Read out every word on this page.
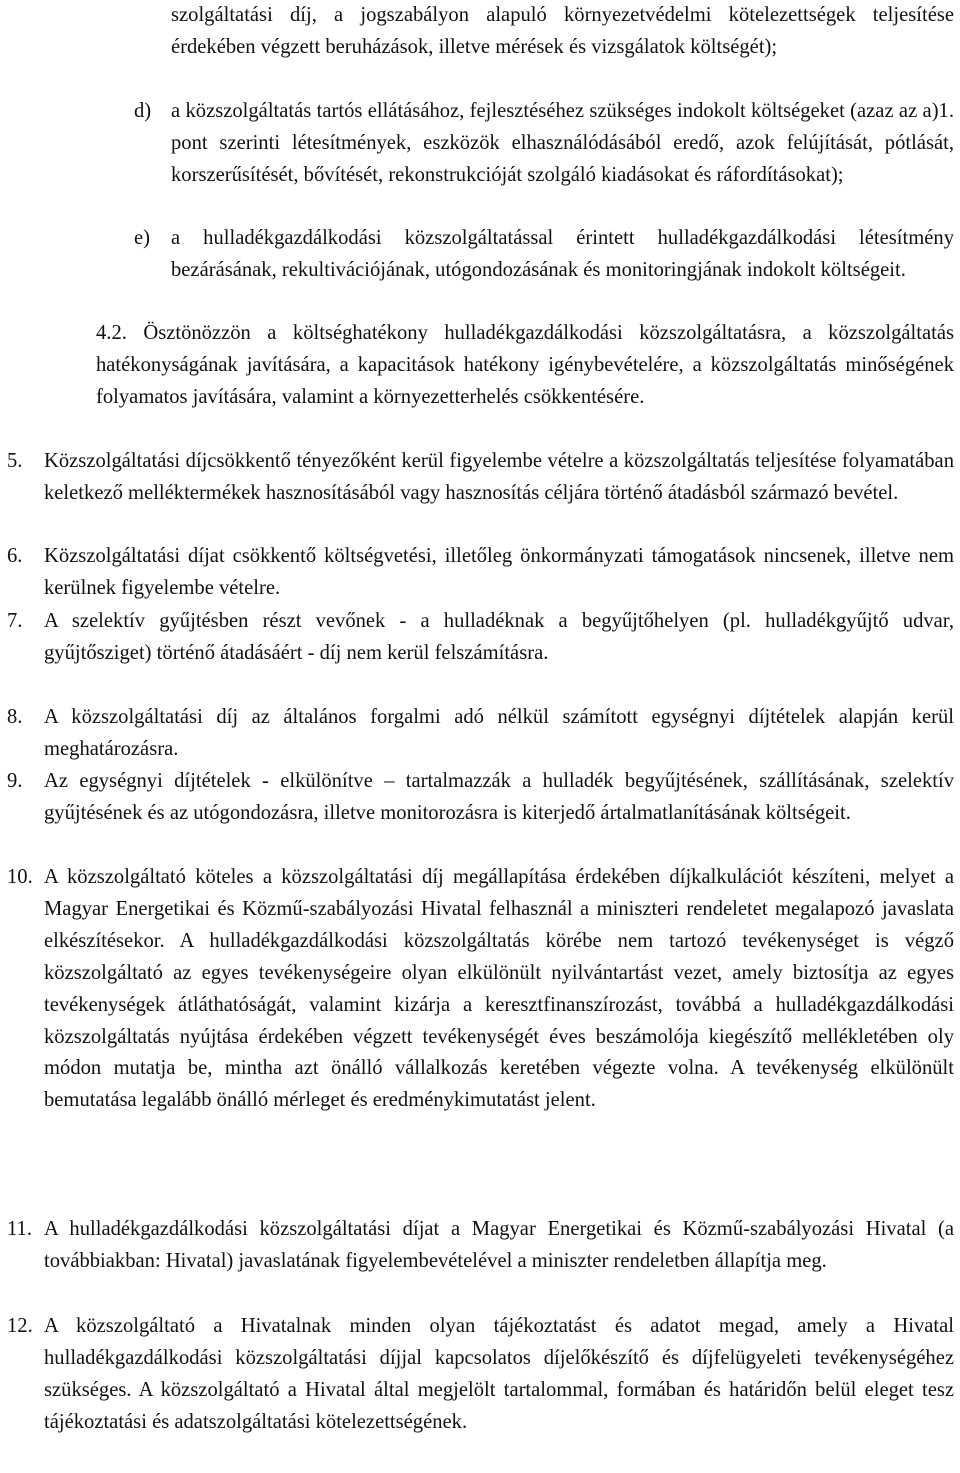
szolgáltatási díj, a jogszabályon alapuló környezetvédelmi kötelezettségek teljesítése érdekében végzett beruházások, illetve mérések és vizsgálatok költségét);
d) a közszolgáltatás tartós ellátásához, fejlesztéséhez szükséges indokolt költségeket (azaz az a)1. pont szerinti létesítmények, eszközök elhasználódásából eredő, azok felújítását, pótlását, korszerűsítését, bővítését, rekonstrukcióját szolgáló kiadásokat és ráfordításokat);
e) a hulladékgazdálkodási közszolgáltatással érintett hulladékgazdálkodási létesítmény bezárásának, rekultivációjának, utógondozásának és monitoringjának indokolt költségeit.
4.2. Ösztönözzön a költséghatékony hulladékgazdálkodási közszolgáltatásra, a közszolgáltatás hatékonyságának javítására, a kapacitások hatékony igénybevételére, a közszolgáltatás minőségének folyamatos javítására, valamint a környezetterhelés csökkentésére.
5. Közszolgáltatási díjcsökkentő tényezőként kerül figyelembe vételre a közszolgáltatás teljesítése folyamatában keletkező melléktermékek hasznosításából vagy hasznosítás céljára történő átadásból származó bevétel.
6. Közszolgáltatási díjat csökkentő költségvetési, illetőleg önkormányzati támogatások nincsenek, illetve nem kerülnek figyelembe vételre.
7. A szelektív gyűjtésben részt vevőnek - a hulladéknak a begyűjtőhelyen (pl. hulladékgyűjtő udvar, gyűjtősziget) történő átadásáért - díj nem kerül felszámításra.
8. A közszolgáltatási díj az általános forgalmi adó nélkül számított egységnyi díjtételek alapján kerül meghatározásra.
9. Az egységnyi díjtételek - elkülönítve – tartalmazzák a hulladék begyűjtésének, szállításának, szelektív gyűjtésének és az utógondozásra, illetve monitorozásra is kiterjedő ártalmatlanításának költségeit.
10. A közszolgáltató köteles a közszolgáltatási díj megállapítása érdekében díjkalkulációt készíteni, melyet a Magyar Energetikai és Közmű-szabályozási Hivatal felhasznál a miniszteri rendeletet megalapozó javaslata elkészítésekor. A hulladékgazdálkodási közszolgáltatás körébe nem tartozó tevékenységet is végző közszolgáltató az egyes tevékenységeire olyan elkülönült nyilvántartást vezet, amely biztosítja az egyes tevékenységek átláthatóságát, valamint kizárja a keresztfinanszírozást, továbbá a hulladékgazdálkodási közszolgáltatás nyújtása érdekében végzett tevékenységét éves beszámolója kiegészítő mellékletében oly módon mutatja be, mintha azt önálló vállalkozás keretében végezte volna. A tevékenység elkülönült bemutatása legalább önálló mérleget és eredménykimutatást jelent.
11. A hulladékgazdálkodási közszolgáltatási díjat a Magyar Energetikai és Közmű-szabályozási Hivatal (a továbbiakban: Hivatal) javaslatának figyelembevételével a miniszter rendeletben állapítja meg.
12. A közszolgáltató a Hivatalnak minden olyan tájékoztatást és adatot megad, amely a Hivatal hulladékgazdálkodási közszolgáltatási díjjal kapcsolatos díjelőkészítő és díjfelügyeleti tevékenységéhez szükséges. A közszolgáltató a Hivatal által megjelölt tartalommal, formában és határidőn belül eleget tesz tájékoztatási és adatszolgáltatási kötelezettségének.
